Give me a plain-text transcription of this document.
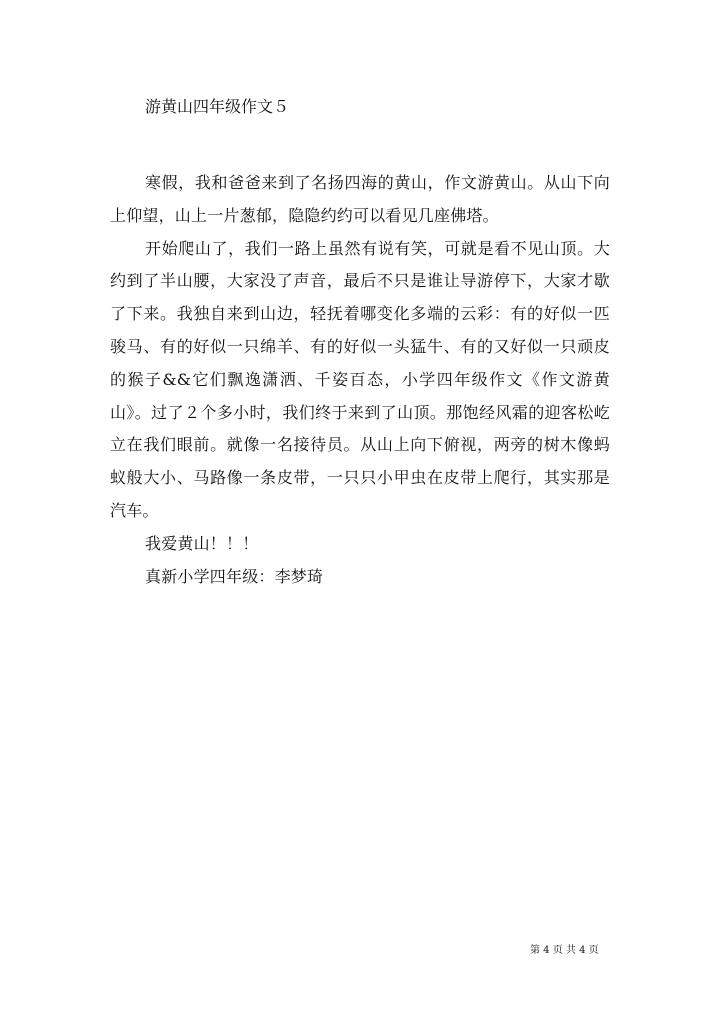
游黄山四年级作文５

寒假，我和爸爸来到了名扬四海的黄山，作文游黄山。从山下向上仰望，山上一片葱郁，隐隐约约可以看见几座佛塔。

开始爬山了，我们一路上虽然有说有笑，可就是看不见山顶。大约到了半山腰，大家没了声音，最后不只是谁让导游停下，大家才歇了下来。我独自来到山边，轻抚着哪变化多端的云彩：有的好似一匹骏马、有的好似一只绵羊、有的好似一头猛牛、有的又好似一只顽皮的猴子&&它们飘逸潇洒、千姿百态，小学四年级作文《作文游黄山》。过了２个多小时，我们终于来到了山顶。那饱经风霜的迎客松屹立在我们眼前。就像一名接待员。从山上向下俯视，两旁的树木像蚂蚁般大小、马路像一条皮带，一只只小甲虫在皮带上爬行，其实那是汽车。

我爱黄山！！！

真新小学四年级：李梦琦

第 4 页 共 4 页
